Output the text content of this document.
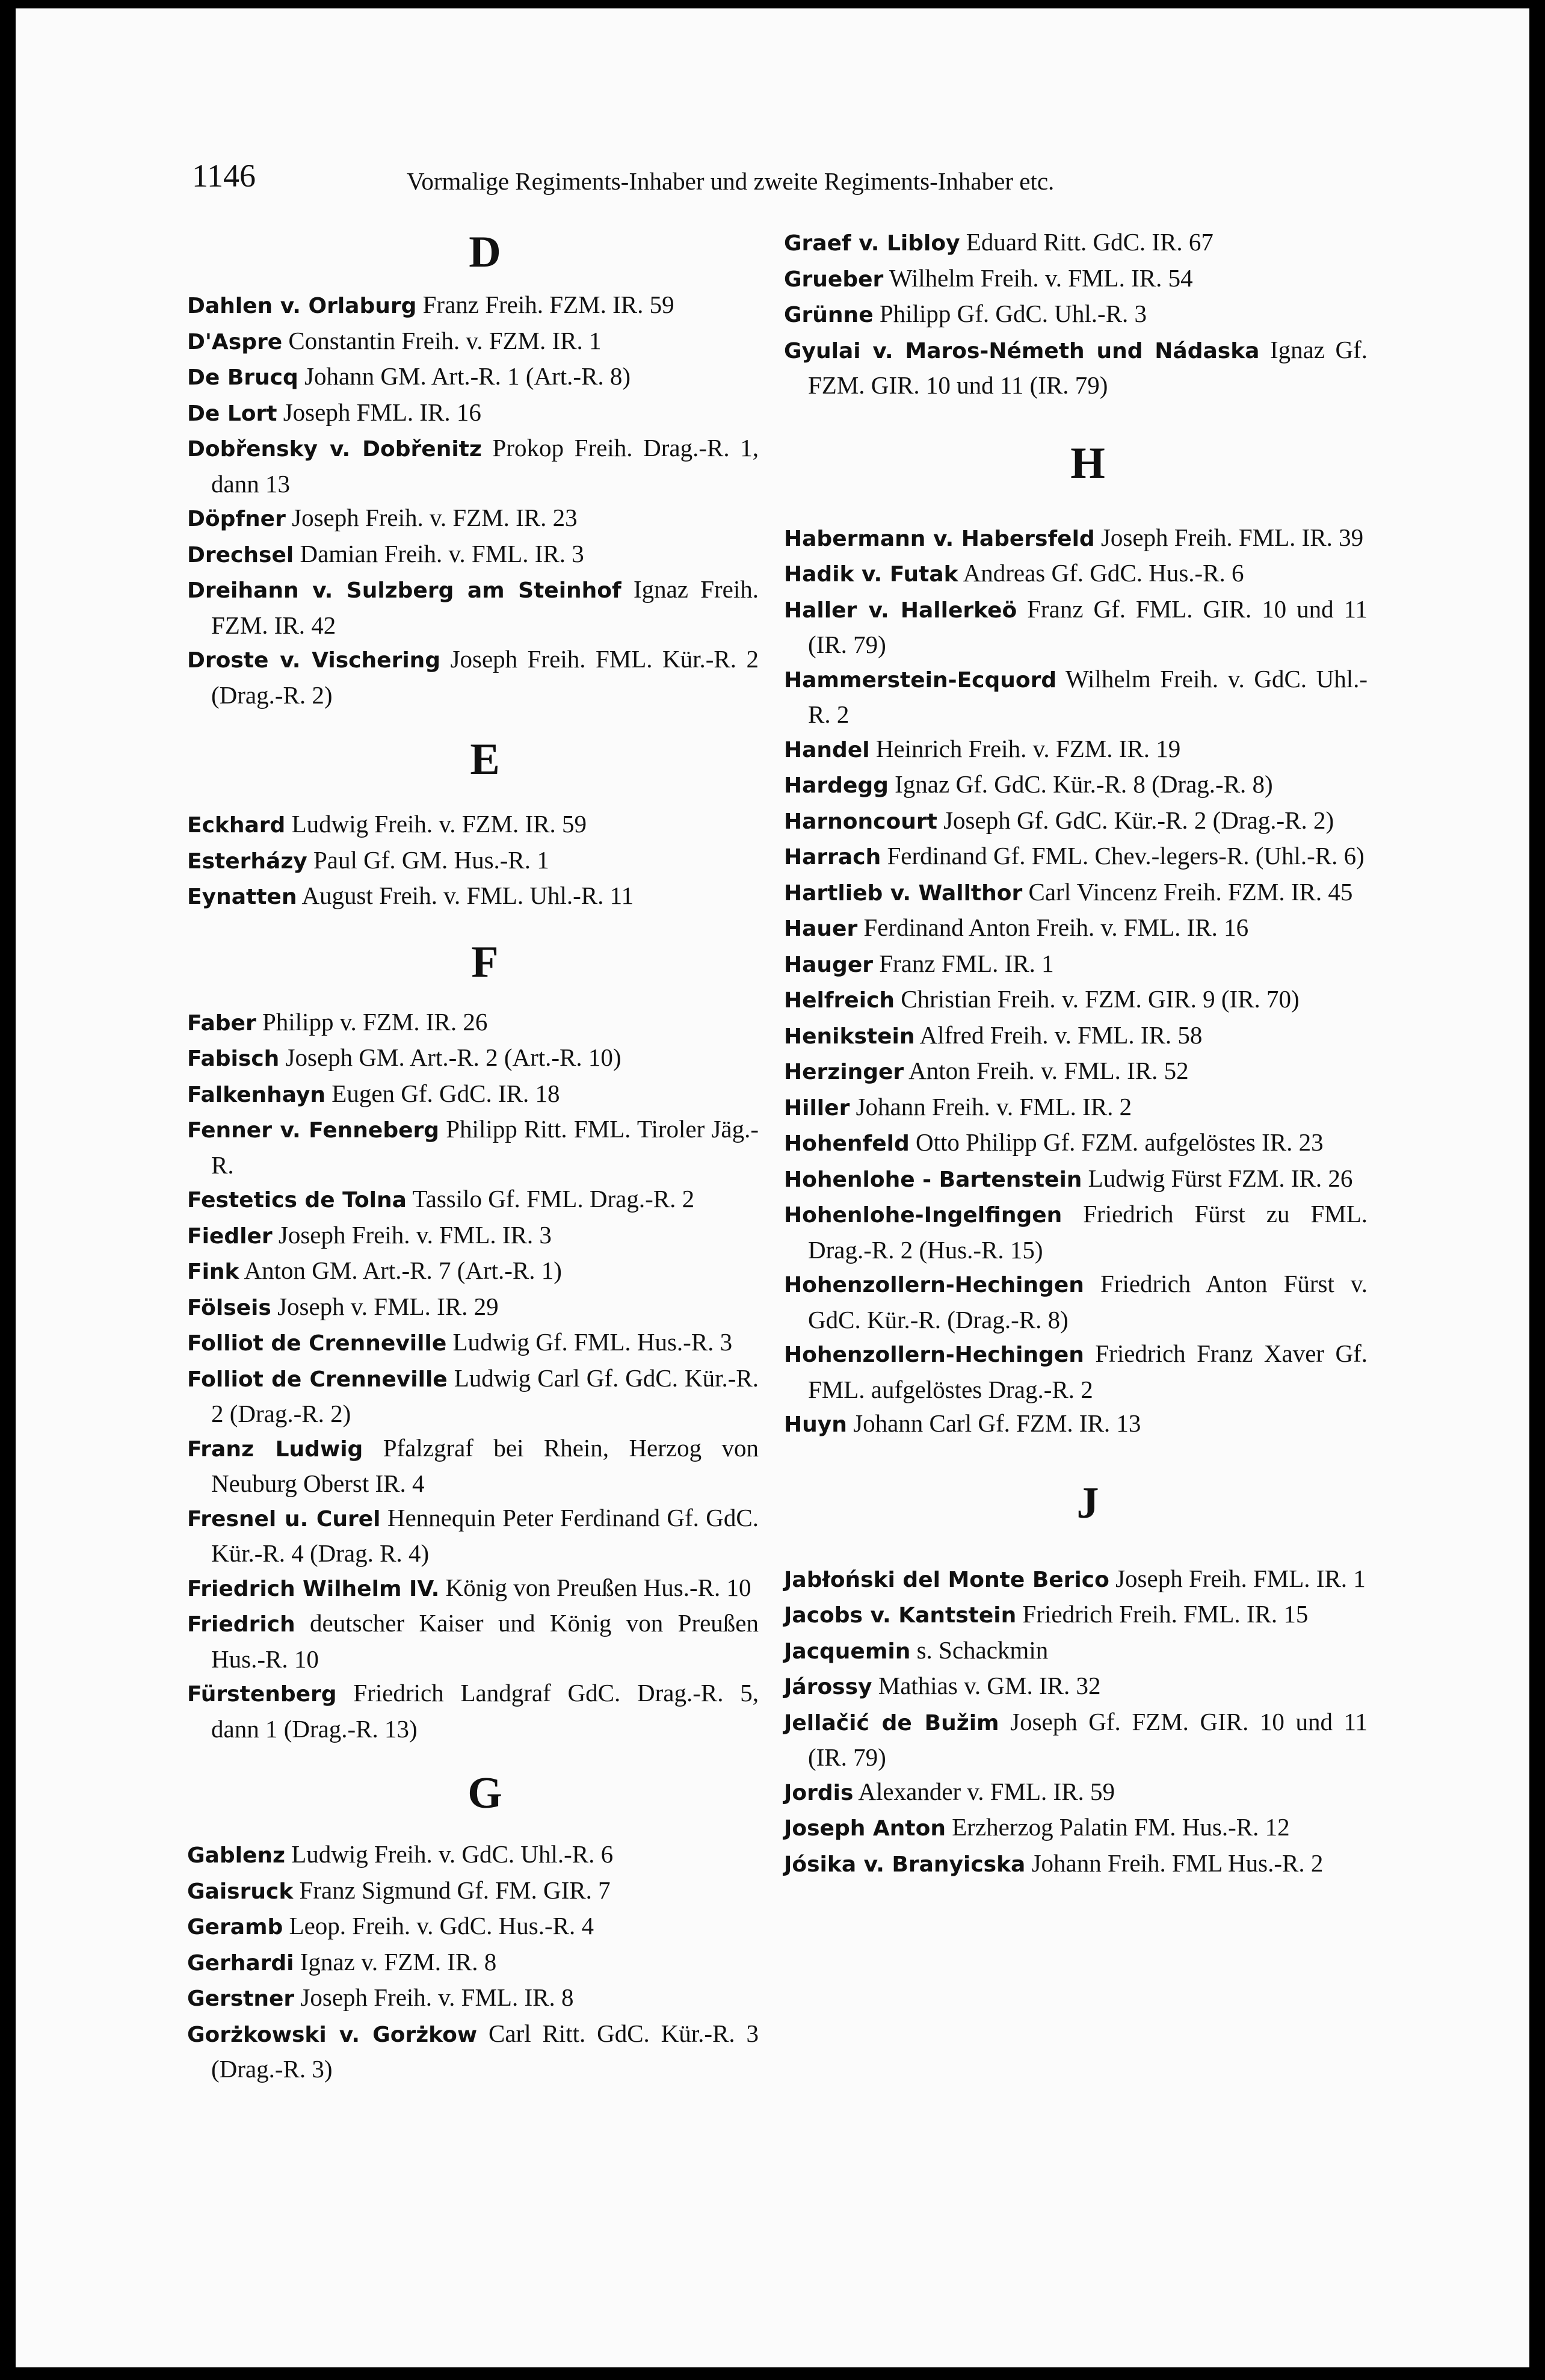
1146	Vormalige Regiments-Inhaber und zweite Regiments-Inhaber etc.
D
Dahlen v. Orlaburg Franz Freih. FZM. IR. 59
D'Aspre Constantin Freih. v. FZM. IR. 1
De Brucq Johann GM. Art.-R. 1 (Art.-R. 8)
De Lort Joseph FML. IR. 16
Dobřensky v. Dobřenitz Prokop Freih. Drag.-R. 1, dann 13
Döpfner Joseph Freih. v. FZM. IR. 23
Drechsel Damian Freih. v. FML. IR. 3
Dreihann v. Sulzberg am Steinhof Ignaz Freih. FZM. IR. 42
Droste v. Vischering Joseph Freih. FML. Kür.-R. 2 (Drag.-R. 2)
E
Eckhard Ludwig Freih. v. FZM. IR. 59
Esterházy Paul Gf. GM. Hus.-R. 1
Eynatten August Freih. v. FML. Uhl.-R. 11
F
Faber Philipp v. FZM. IR. 26
Fabisch Joseph GM. Art.-R. 2 (Art.-R. 10)
Falkenhayn Eugen Gf. GdC. IR. 18
Fenner v. Fenneberg Philipp Ritt. FML. Tiroler Jäg.-R.
Festetics de Tolna Tassilo Gf. FML. Drag.-R. 2
Fiedler Joseph Freih. v. FML. IR. 3
Fink Anton GM. Art.-R. 7 (Art.-R. 1)
Fölseis Joseph v. FML. IR. 29
Folliot de Crenneville Ludwig Gf. FML. Hus.-R. 3
Folliot de Crenneville Ludwig Carl Gf. GdC. Kür.-R. 2 (Drag.-R. 2)
Franz Ludwig Pfalzgraf bei Rhein, Herzog von Neuburg Oberst IR. 4
Fresnel u. Curel Hennequin Peter Ferdinand Gf. GdC. Kür.-R. 4 (Drag. R. 4)
Friedrich Wilhelm IV. König von Preußen Hus.-R. 10
Friedrich deutscher Kaiser und König von Preußen Hus.-R. 10
Fürstenberg Friedrich Landgraf GdC. Drag.-R. 5, dann 1 (Drag.-R. 13)
G
Gablenz Ludwig Freih. v. GdC. Uhl.-R. 6
Gaisruck Franz Sigmund Gf. FM. GIR. 7
Geramb Leop. Freih. v. GdC. Hus.-R. 4
Gerhardi Ignaz v. FZM. IR. 8
Gerstner Joseph Freih. v. FML. IR. 8
Gorżkowski v. Gorżkow Carl Ritt. GdC. Kür.-R. 3 (Drag.-R. 3)
Graef v. Libloy Eduard Ritt. GdC. IR. 67
Grueber Wilhelm Freih. v. FML. IR. 54
Grünne Philipp Gf. GdC. Uhl.-R. 3
Gyulai v. Maros-Németh und Nádaska Ignaz Gf. FZM. GIR. 10 und 11 (IR. 79)
H
Habermann v. Habersfeld Joseph Freih. FML. IR. 39
Hadik v. Futak Andreas Gf. GdC. Hus.-R. 6
Haller v. Hallerkeö Franz Gf. FML. GIR. 10 und 11 (IR. 79)
Hammerstein-Ecquord Wilhelm Freih. v. GdC. Uhl.-R. 2
Handel Heinrich Freih. v. FZM. IR. 19
Hardegg Ignaz Gf. GdC. Kür.-R. 8 (Drag.-R. 8)
Harnoncourt Joseph Gf. GdC. Kür.-R. 2 (Drag.-R. 2)
Harrach Ferdinand Gf. FML. Chev.-legers-R. (Uhl.-R. 6)
Hartlieb v. Wallthor Carl Vincenz Freih. FZM. IR. 45
Hauer Ferdinand Anton Freih. v. FML. IR. 16
Hauger Franz FML. IR. 1
Helfreich Christian Freih. v. FZM. GIR. 9 (IR. 70)
Henikstein Alfred Freih. v. FML. IR. 58
Herzinger Anton Freih. v. FML. IR. 52
Hiller Johann Freih. v. FML. IR. 2
Hohenfeld Otto Philipp Gf. FZM. aufgelöstes IR. 23
Hohenlohe - Bartenstein Ludwig Fürst FZM. IR. 26
Hohenlohe-Ingelfingen Friedrich Fürst zu FML. Drag.-R. 2 (Hus.-R. 15)
Hohenzollern-Hechingen Friedrich Anton Fürst v. GdC. Kür.-R. (Drag.-R. 8)
Hohenzollern-Hechingen Friedrich Franz Xaver Gf. FML. aufgelöstes Drag.-R. 2
Huyn Johann Carl Gf. FZM. IR. 13
J
Jabłoński del Monte Berico Joseph Freih. FML. IR. 1
Jacobs v. Kantstein Friedrich Freih. FML. IR. 15
Jacquemin s. Schackmin
Járossy Mathias v. GM. IR. 32
Jellačić de Bužim Joseph Gf. FZM. GIR. 10 und 11 (IR. 79)
Jordis Alexander v. FML. IR. 59
Joseph Anton Erzherzog Palatin FM. Hus.-R. 12
Jósika v. Branyicska Johann Freih. FML Hus.-R. 2
